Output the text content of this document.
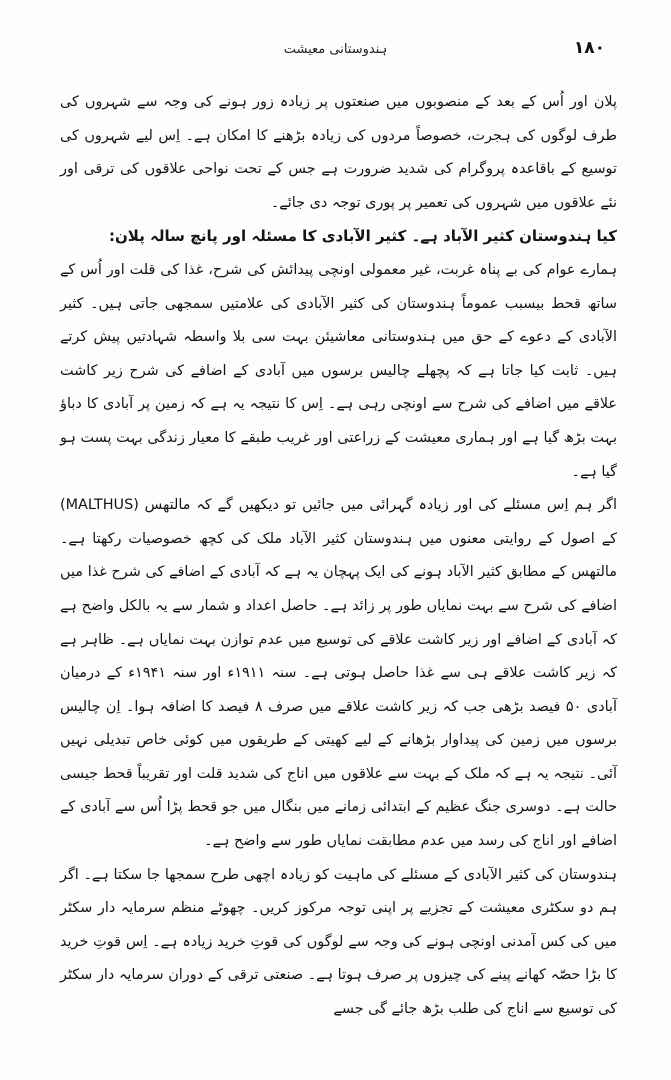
ہندوستانی معیشت	۱۸۰

پلان اور اُس کے بعد کے منصوبوں میں صنعتوں پر زیادہ زور ہونے کی وجہ سے شہروں کی طرف لوگوں کی ہجرت، خصوصاً مردوں کی زیادہ بڑھنے کا امکان ہے۔ اِس لیے شہروں کی توسیع کے باقاعدہ پروگرام کی شدید ضرورت ہے جس کے تحت نواحی علاقوں کی ترقی اور نئے علاقوں میں شہروں کی تعمیر پر پوری توجہ دی جائے۔

کیا ہندوستان کثیر الآباد ہے۔ کثیر الآبادی کا مسئلہ اور پانچ سالہ پلان:

ہمارے عوام کی بے پناہ غربت، غیر معمولی اونچی پیدائش کی شرح، غذا کی قلت اور اُس کے ساتھ قحط بیسبب عموماً ہندوستان کی کثیر الآبادی کی علامتیں سمجھی جاتی ہیں۔ کثیر الآبادی کے دعوے کے حق میں ہندوستانی معاشیئن بہت سی بلا واسطہ شہادتیں پیش کرتے ہیں۔ ثابت کیا جاتا ہے کہ پچھلے چالیس برسوں میں آبادی کے اضافے کی شرح زیر کاشت علاقے میں اضافے کی شرح سے اونچی رہی ہے۔ اِس کا نتیجہ یہ ہے کہ زمین پر آبادی کا دباؤ بہت بڑھ گیا ہے اور ہماری معیشت کے زراعتی اور غریب طبقے کا معیار زندگی بہت پست ہو گیا ہے۔

اگر ہم اِس مسئلے کی اور زیادہ گہرائی میں جائیں تو دیکھیں گے کہ مالتھس (MALTHUS) کے اصول کے روایتی معنوں میں ہندوستان کثیر الآباد ملک کی کچھ خصوصیات رکھتا ہے۔ مالتھس کے مطابق کثیر الآباد ہونے کی ایک پہچان یہ ہے کہ آبادی کے اضافے کی شرح غذا میں اضافے کی شرح سے بہت نمایاں طور پر زائد ہے۔ حاصل اعداد و شمار سے یہ بالکل واضح ہے کہ آبادی کے اضافے اور زیر کاشت علاقے کی توسیع میں عدم توازن بہت نمایاں ہے۔ ظاہر ہے کہ زیر کاشت علاقے ہی سے غذا حاصل ہوتی ہے۔ سنہ ۱۹۱۱ء اور سنہ ۱۹۴۱ء کے درمیان آبادی ۵۰ فیصد بڑھی جب کہ زیر کاشت علاقے میں صرف ۸ فیصد کا اضافہ ہوا۔ اِن چالیس برسوں میں زمین کی پیداوار بڑھانے کے لیے کھیتی کے طریقوں میں کوئی خاص تبدیلی نہیں آئی۔ نتیجہ یہ ہے کہ ملک کے بہت سے علاقوں میں اناج کی شدید قلت اور تقریباً قحط جیسی حالت ہے۔ دوسری جنگ عظیم کے ابتدائی زمانے میں بنگال میں جو قحط پڑا اُس سے آبادی کے اضافے اور اناج کی رسد میں عدم مطابقت نمایاں طور سے واضح ہے۔

ہندوستان کی کثیر الآبادی کے مسئلے کی ماہیت کو زیادہ اچھی طرح سمجھا جا سکتا ہے۔ اگر ہم دو سکٹری معیشت کے تجزیے پر اپنی توجہ مرکوز کریں۔ چھوٹے منظم سرمایہ دار سکٹر میں کی کس آمدنی اونچی ہونے کی وجہ سے لوگوں کی قوتِ خرید زیادہ ہے۔ اِس قوتِ خرید کا بڑا حصّہ کھانے پینے کی چیزوں پر صرف ہوتا ہے۔ صنعتی ترقی کے دوران سرمایہ دار سکٹر کی توسیع سے اناج کی طلب بڑھ جائے گی جسے
